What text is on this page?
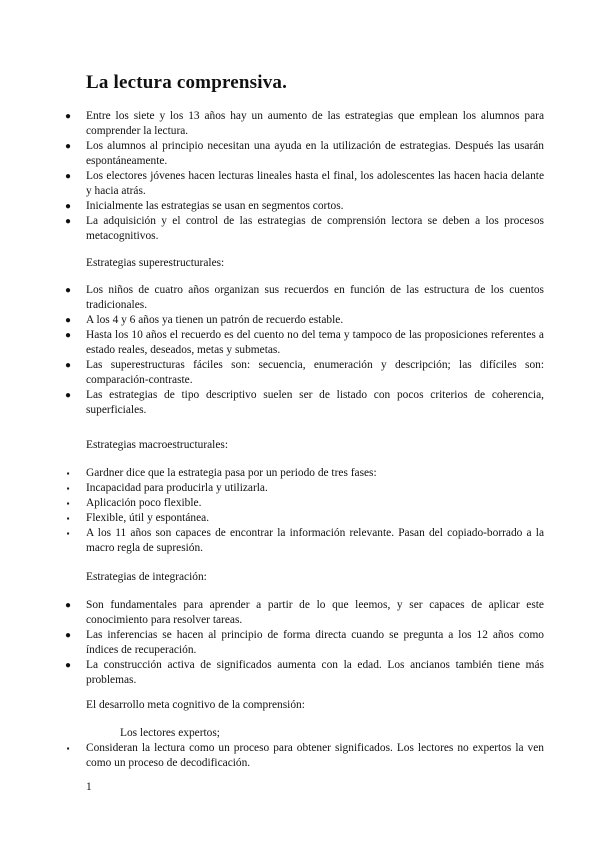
La lectura comprensiva.
● Entre los siete y los 13 años hay un aumento de las estrategias que emplean los alumnos para comprender la lectura.
● Los alumnos al principio necesitan una ayuda en la utilización de estrategias. Después las usarán espontáneamente.
● Los electores jóvenes hacen lecturas lineales hasta el final, los adolescentes las hacen hacia delante y hacia atrás.
● Inicialmente las estrategias se usan en segmentos cortos.
● La adquisición y el control de las estrategias de comprensión lectora se deben a los procesos metacognitivos.
Estrategias superestructurales:
● Los niños de cuatro años organizan sus recuerdos en función de las estructura de los cuentos tradicionales.
● A los 4 y 6 años ya tienen un patrón de recuerdo estable.
● Hasta los 10 años el recuerdo es del cuento no del tema y tampoco de las proposiciones referentes a estado reales, deseados, metas y submetas.
● Las superestructuras fáciles son: secuencia, enumeración y descripción; las difíciles son: comparación-contraste.
● Las estrategias de tipo descriptivo suelen ser de listado con pocos criterios de coherencia, superficiales.
Estrategias macroestructurales:
▪	Gardner dice que la estrategia pasa por un periodo de tres fases:
▪	Incapacidad para producirla y utilizarla.
▪	Aplicación poco flexible.
▪	Flexible, útil y espontánea.
▪	A los 11 años son capaces de encontrar la información relevante. Pasan del copiado-borrado a la macro regla de supresión.
Estrategias de integración:
● Son fundamentales para aprender a partir de lo que leemos, y ser capaces de aplicar este conocimiento para resolver tareas.
● Las inferencias se hacen al principio de forma directa cuando se pregunta a los 12 años como índices de recuperación.
● La construcción activa de significados aumenta con la edad. Los ancianos también tiene más problemas.
El desarrollo meta cognitivo de la comprensión:
Los lectores expertos;
▪	Consideran la lectura como un proceso para obtener significados. Los lectores no expertos la ven como un proceso de decodificación.
1
